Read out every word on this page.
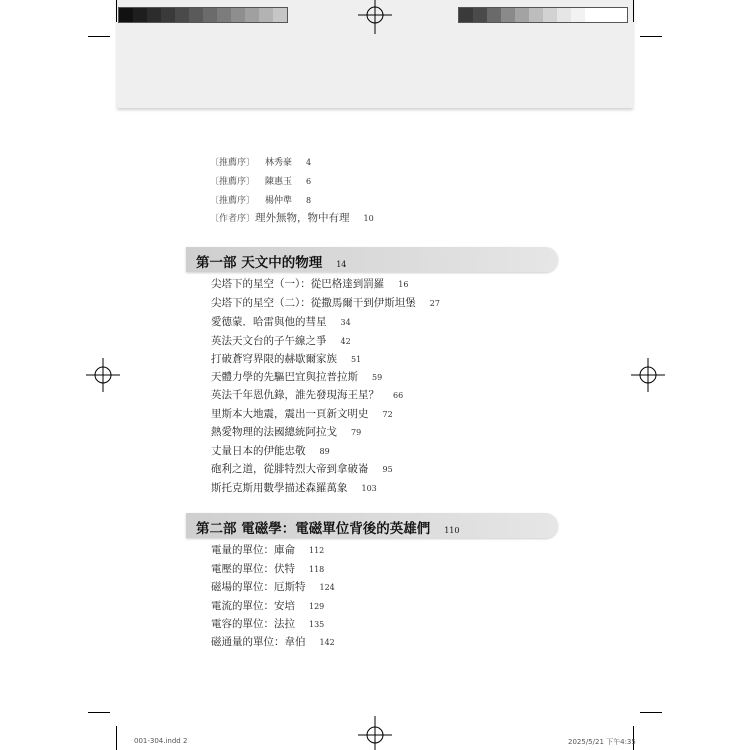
〔推薦序〕 林秀豪 4
〔推薦序〕 陳惠玉 6
〔推薦序〕 楊仲準 8
〔作者序〕理外無物，物中有理 10
第一部 天文中的物理 14
尖塔下的星空（一）：從巴格達到罰羅 16
尖塔下的星空（二）：從撒馬爾干到伊斯坦堡 27
愛德蒙．哈雷與他的彗星 34
英法天文台的子午線之爭 42
打破蒼穹界限的赫歇爾家族 51
天體力學的先驅巴宜與拉普拉斯 59
英法千年恩仇錄，誰先發現海王星？ 66
里斯本大地震，震出一頁新文明史 72
熱愛物理的法國總統阿拉戈 79
丈量日本的伊能忠敬 89
砲利之道，從腓特烈大帝到拿破崙 95
斯托克斯用數學描述森羅萬象 103
第二部 電磁學：電磁單位背後的英雄們 110
電量的單位：庫侖 112
電壓的單位：伏特 118
磁場的單位：厄斯特 124
電流的單位：安培 129
電容的單位：法拉 135
磁通量的單位：韋伯 142
001-304.indd 2	2025/5/21 下午4:35
